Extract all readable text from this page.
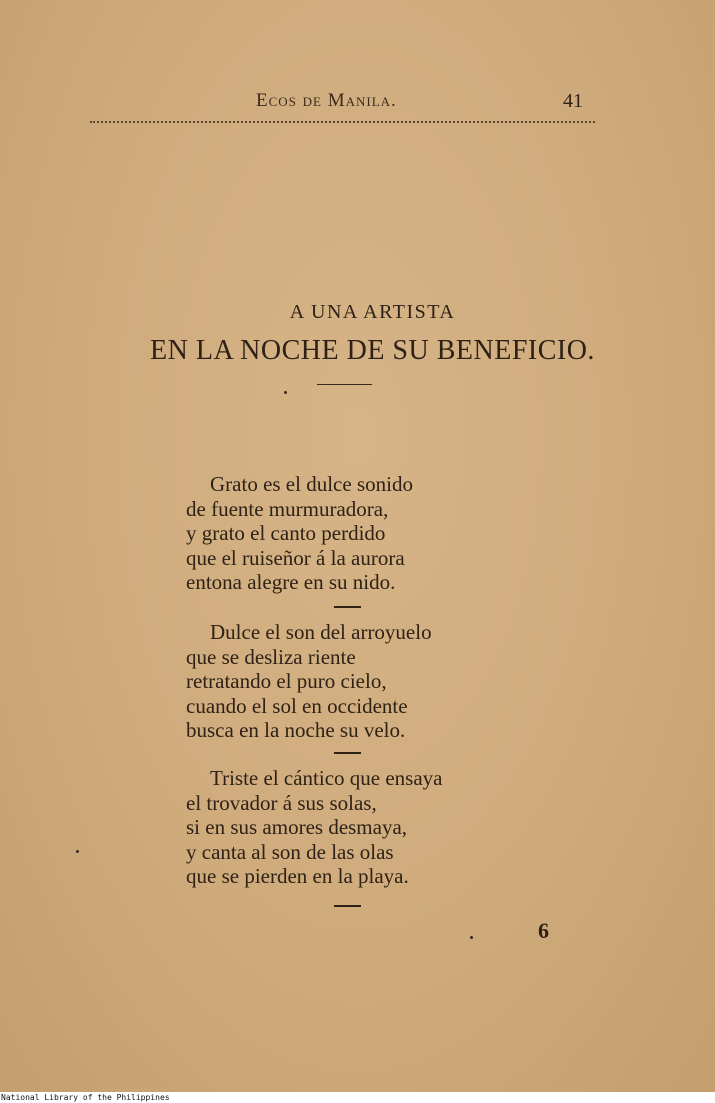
Ecos de Manila.	41
A UNA ARTISTA
EN LA NOCHE DE SU BENEFICIO.
Grato es el dulce sonido
de fuente murmuradora,
y grato el canto perdido
que el ruiseñor á la aurora
entona alegre en su nido.
Dulce el son del arroyuelo
que se desliza riente
retratando el puro cielo,
cuando el sol en occidente
busca en la noche su velo.
Triste el cántico que ensaya
el trovador á sus solas,
si en sus amores desmaya,
y canta al son de las olas
que se pierden en la playa.
6
National Library of the Philippines
